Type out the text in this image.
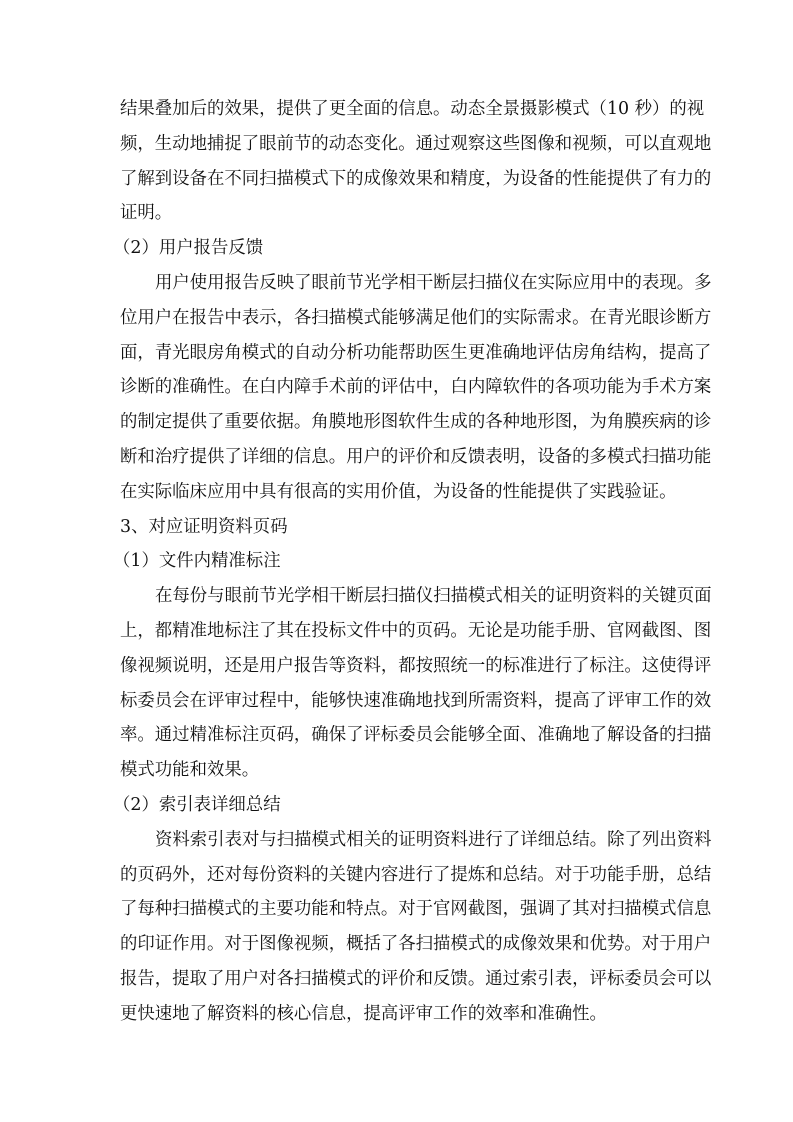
结果叠加后的效果，提供了更全面的信息。动态全景摄影模式（10 秒）的视

频，生动地捕捉了眼前节的动态变化。通过观察这些图像和视频，可以直观地

了解到设备在不同扫描模式下的成像效果和精度，为设备的性能提供了有力的

证明。

（2）用户报告反馈

用户使用报告反映了眼前节光学相干断层扫描仪在实际应用中的表现。多

位用户在报告中表示，各扫描模式能够满足他们的实际需求。在青光眼诊断方

面，青光眼房角模式的自动分析功能帮助医生更准确地评估房角结构，提高了

诊断的准确性。在白内障手术前的评估中，白内障软件的各项功能为手术方案

的制定提供了重要依据。角膜地形图软件生成的各种地形图，为角膜疾病的诊

断和治疗提供了详细的信息。用户的评价和反馈表明，设备的多模式扫描功能

在实际临床应用中具有很高的实用价值，为设备的性能提供了实践验证。

3、对应证明资料页码

（1）文件内精准标注

在每份与眼前节光学相干断层扫描仪扫描模式相关的证明资料的关键页面

上，都精准地标注了其在投标文件中的页码。无论是功能手册、官网截图、图

像视频说明，还是用户报告等资料，都按照统一的标准进行了标注。这使得评

标委员会在评审过程中，能够快速准确地找到所需资料，提高了评审工作的效

率。通过精准标注页码，确保了评标委员会能够全面、准确地了解设备的扫描

模式功能和效果。

（2）索引表详细总结

资料索引表对与扫描模式相关的证明资料进行了详细总结。除了列出资料

的页码外，还对每份资料的关键内容进行了提炼和总结。对于功能手册，总结

了每种扫描模式的主要功能和特点。对于官网截图，强调了其对扫描模式信息

的印证作用。对于图像视频，概括了各扫描模式的成像效果和优势。对于用户

报告，提取了用户对各扫描模式的评价和反馈。通过索引表，评标委员会可以

更快速地了解资料的核心信息，提高评审工作的效率和准确性。
